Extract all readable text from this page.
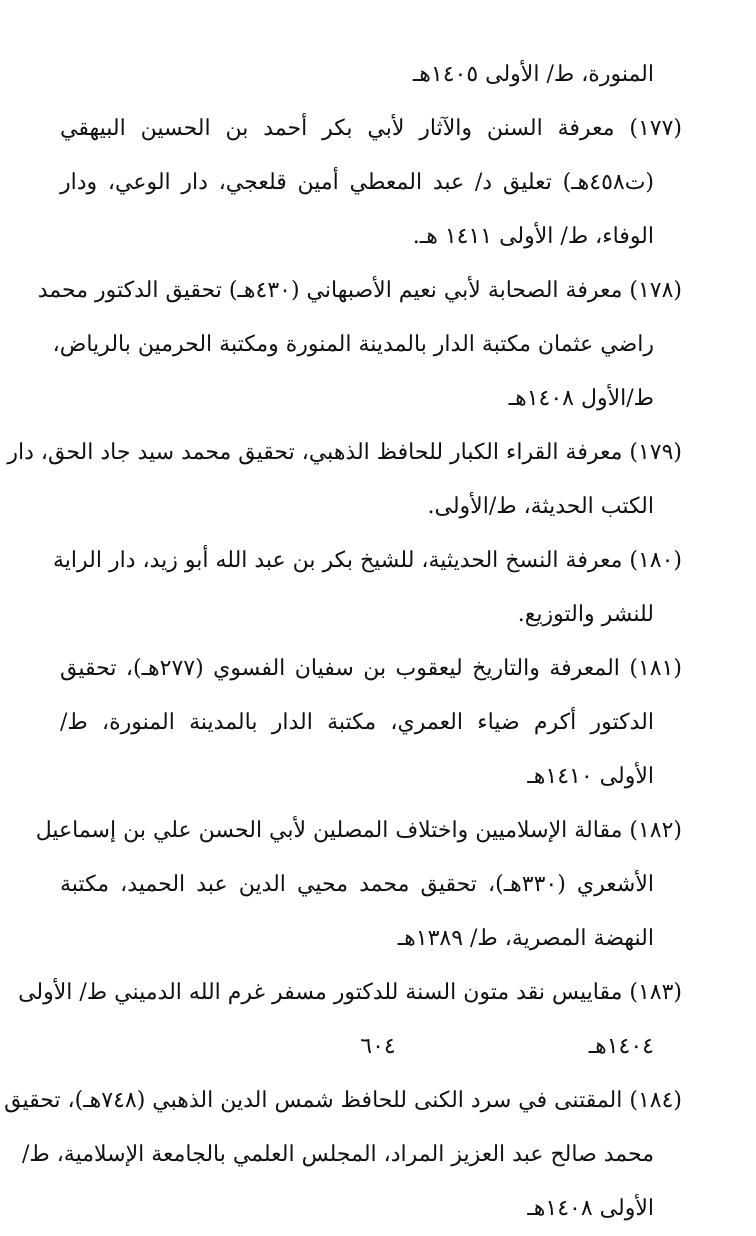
المنورة، ط/ الأولى ١٤٠٥هـ
(١٧٧) معرفة السنن والآثار لأبي بكر أحمد بن الحسين البيهقي
(ت٤٥٨هـ) تعليق د/ عبد المعطي أمين قلعجي، دار الوعي، ودار
الوفاء، ط/ الأولى ١٤١١ هـ.
(١٧٨) معرفة الصحابة لأبي نعيم الأصبهاني (٤٣٠هـ) تحقيق الدكتور محمد
راضي عثمان مكتبة الدار بالمدينة المنورة ومكتبة الحرمين بالرياض،
ط/الأول ١٤٠٨هـ
(١٧٩) معرفة القراء الكبار للحافظ الذهبي، تحقيق محمد سيد جاد الحق، دار
الكتب الحديثة، ط/الأولى.
(١٨٠) معرفة النسخ الحديثية، للشيخ بكر بن عبد الله أبو زيد، دار الراية
للنشر والتوزيع.
(١٨١) المعرفة والتاريخ ليعقوب بن سفيان الفسوي (٢٧٧هـ)، تحقيق
الدكتور أكرم ضياء العمري، مكتبة الدار بالمدينة المنورة، ط/
الأولى ١٤١٠هـ
(١٨٢) مقالة الإسلاميين واختلاف المصلين لأبي الحسن علي بن إسماعيل
الأشعري (٣٣٠هـ)، تحقيق محمد محيي الدين عبد الحميد، مكتبة
النهضة المصرية، ط/ ١٣٨٩هـ
(١٨٣) مقاييس نقد متون السنة للدكتور مسفر غرم الله الدميني ط/ الأولى
١٤٠٤هـ
(١٨٤) المقتنى في سرد الكنى للحافظ شمس الدين الذهبي (٧٤٨هـ)، تحقيق
محمد صالح عبد العزيز المراد، المجلس العلمي بالجامعة الإسلامية، ط/
الأولى ١٤٠٨هـ
٦٠٤
